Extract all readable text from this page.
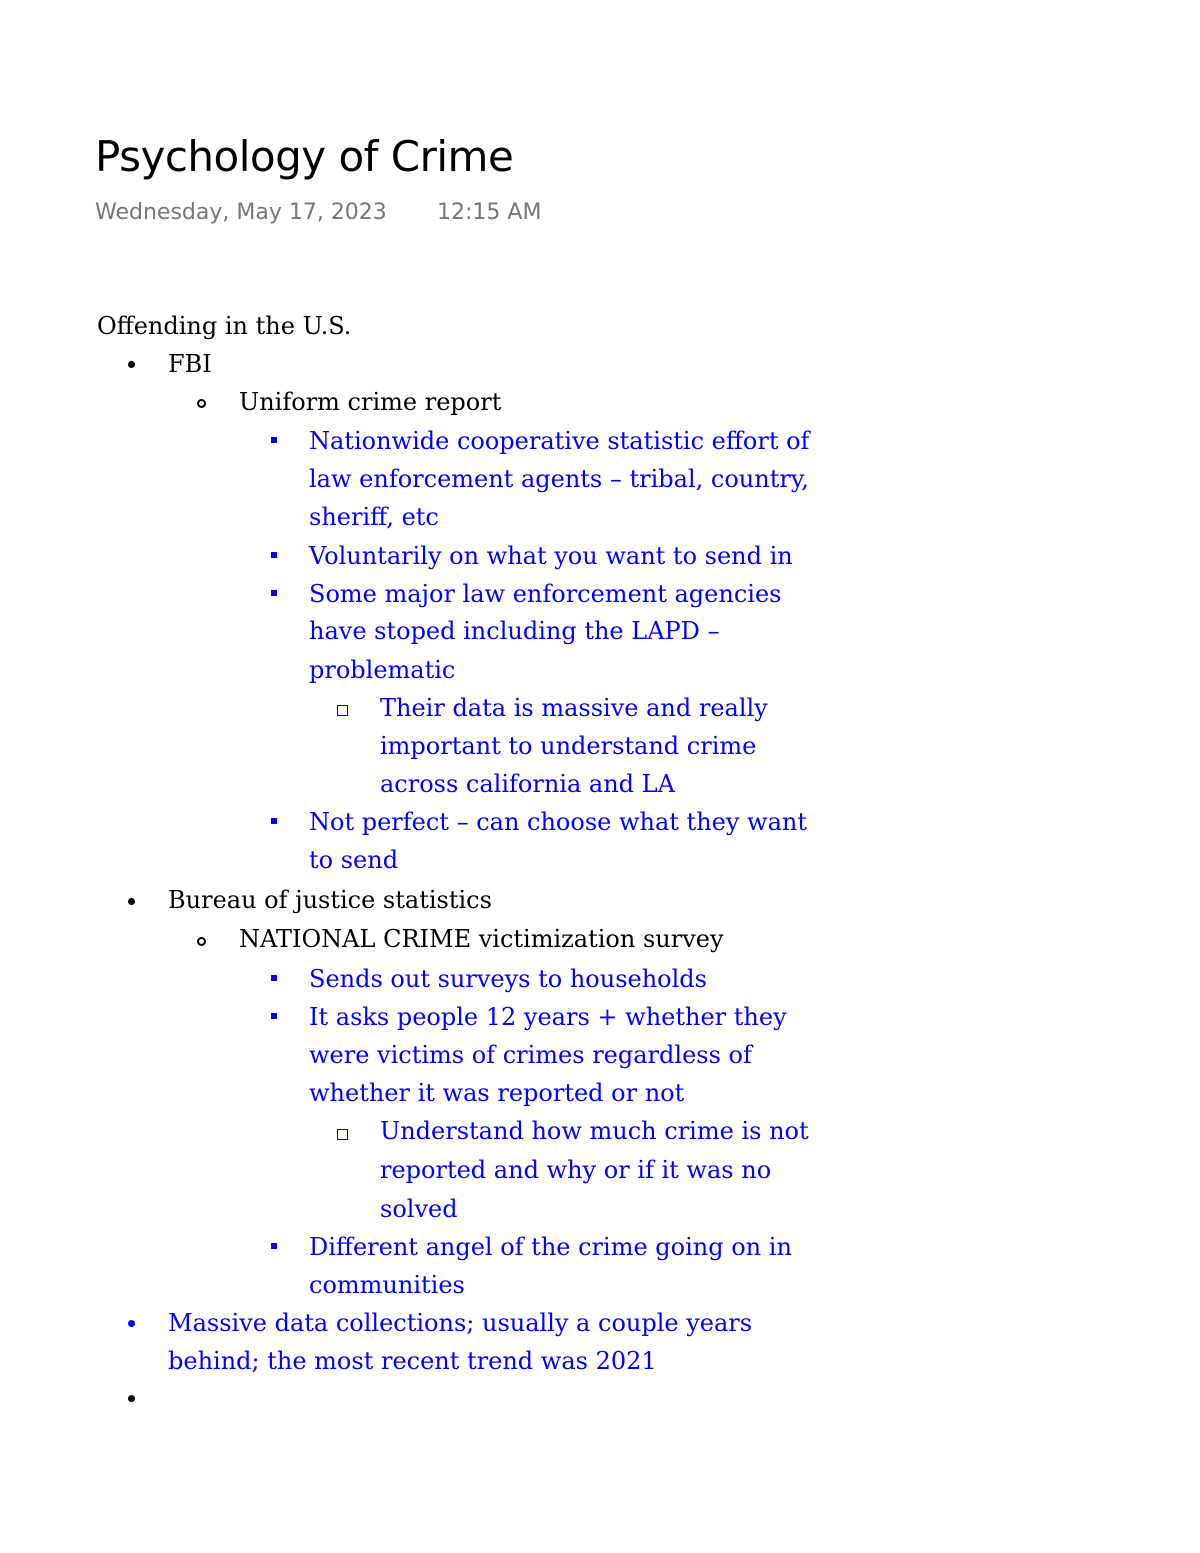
Psychology of Crime
Wednesday, May 17, 2023 12:15 AM
Offending in the U.S.
FBI
Uniform crime report
Nationwide cooperative statistic effort of
law enforcement agents – tribal, country,
sheriff, etc
Voluntarily on what you want to send in
Some major law enforcement agencies
have stoped including the LAPD –
problematic
Their data is massive and really
important to understand crime
across california and LA
Not perfect – can choose what they want
to send
Bureau of justice statistics
NATIONAL CRIME victimization survey
Sends out surveys to households
It asks people 12 years + whether they
were victims of crimes regardless of
whether it was reported or not
Understand how much crime is not
reported and why or if it was no
solved
Different angel of the crime going on in
communities
Massive data collections; usually a couple years
behind; the most recent trend was 2021
